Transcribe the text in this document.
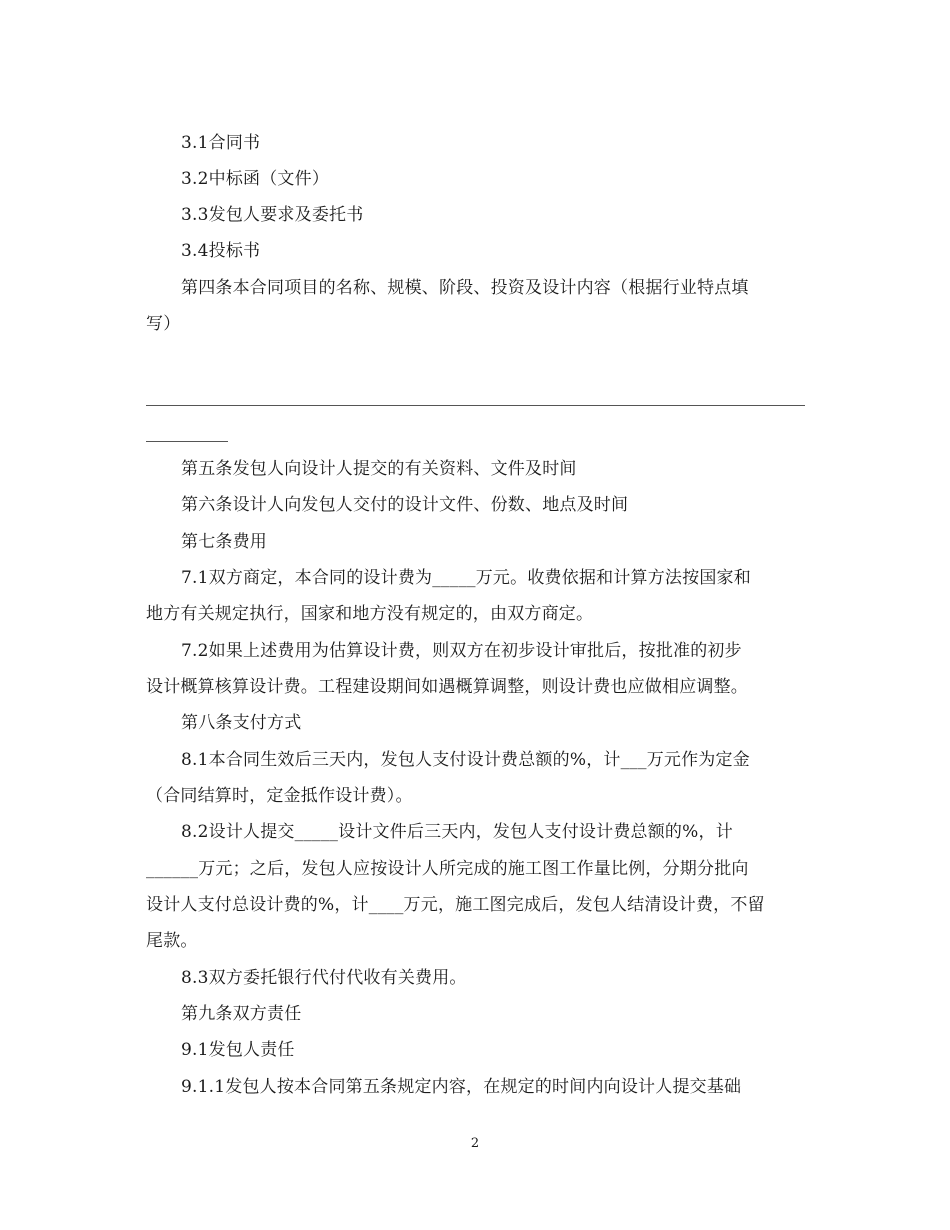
3.1合同书
3.2中标函（文件）
3.3发包人要求及委托书
3.4投标书
第四条本合同项目的名称、规模、阶段、投资及设计内容（根据行业特点填
写）
第五条发包人向设计人提交的有关资料、文件及时间
第六条设计人向发包人交付的设计文件、份数、地点及时间
第七条费用
7.1双方商定，本合同的设计费为_____万元。收费依据和计算方法按国家和
地方有关规定执行，国家和地方没有规定的，由双方商定。
7.2如果上述费用为估算设计费，则双方在初步设计审批后，按批准的初步
设计概算核算设计费。工程建设期间如遇概算调整，则设计费也应做相应调整。
第八条支付方式
8.1本合同生效后三天内，发包人支付设计费总额的%，计___万元作为定金
（合同结算时，定金抵作设计费）。
8.2设计人提交_____设计文件后三天内，发包人支付设计费总额的%，计
______万元；之后，发包人应按设计人所完成的施工图工作量比例，分期分批向
设计人支付总设计费的%，计____万元，施工图完成后，发包人结清设计费，不留
尾款。
8.3双方委托银行代付代收有关费用。
第九条双方责任
9.1发包人责任
9.1.1发包人按本合同第五条规定内容，在规定的时间内向设计人提交基础
2
